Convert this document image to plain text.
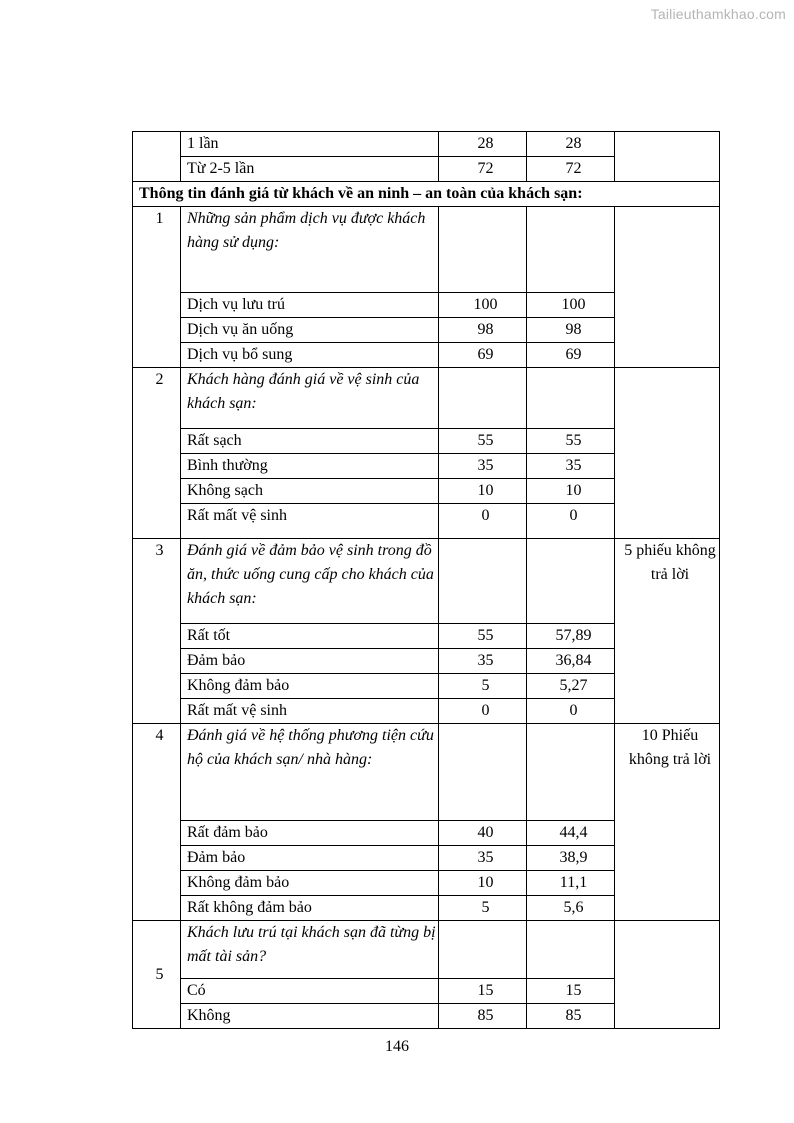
Tailieuthamkhao.com
	1 lần	28	28	
	Từ 2-5 lần	72	72	
Thông tin đánh giá từ khách về an ninh – an toàn của khách sạn:				
1	Những sản phẩm dịch vụ được khách hàng sử dụng:			
	Dịch vụ lưu trú	100	100	
	Dịch vụ ăn uống	98	98	
	Dịch vụ bổ sung	69	69	
2	Khách hàng đánh giá về vệ sinh của khách sạn:			
	Rất sạch	55	55	
	Bình thường	35	35	
	Không sạch	10	10	
	Rất mất vệ sinh	0	0	
3	Đánh giá về đảm bảo vệ sinh trong đồ ăn, thức uống cung cấp cho khách của khách sạn:			5 phiếu không trả lời
	Rất tốt	55	57,89	
	Đảm bảo	35	36,84	
	Không đảm bảo	5	5,27	
	Rất mất vệ sinh	0	0	
4	Đánh giá về hệ thống phương tiện cứu hộ của khách sạn/ nhà hàng:			10 Phiếu không trả lời
	Rất đảm bảo	40	44,4	
	Đảm bảo	35	38,9	
	Không đảm bảo	10	11,1	
	Rất không đảm bảo	5	5,6	
5	Khách lưu trú tại khách sạn đã từng bị mất tài sản?			
	Có	15	15	
	Không	85	85	
146
